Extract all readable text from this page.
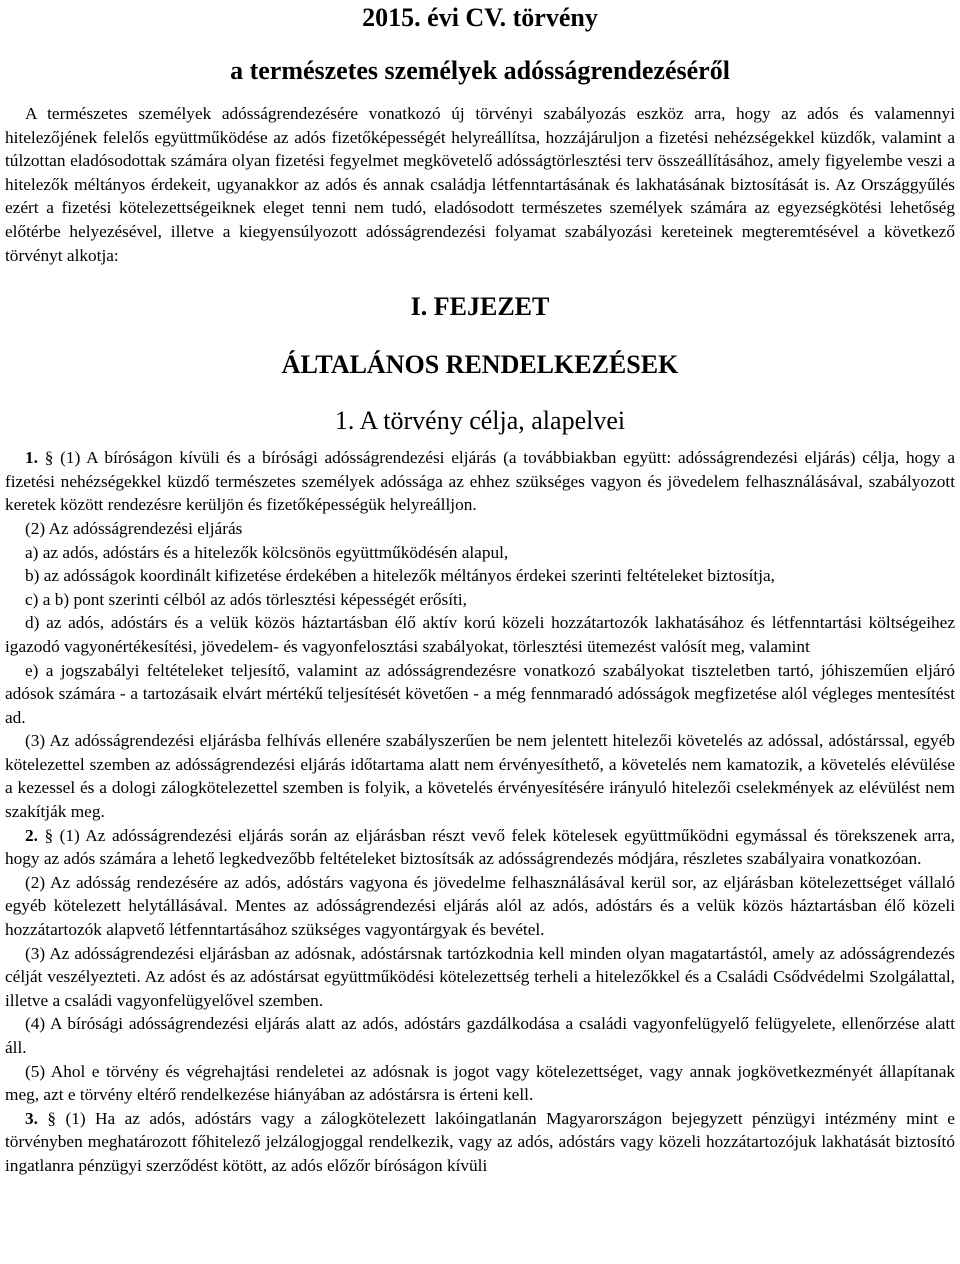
2015. évi CV. törvény
a természetes személyek adósságrendezéséről

A természetes személyek adósságrendezésére vonatkozó új törvényi szabályozás eszköz arra, hogy az adós és valamennyi hitelezőjének felelős együttműködése az adós fizetőképességét helyreállítsa, hozzájáruljon a fizetési nehézségekkel küzdők, valamint a túlzottan eladósodottak számára olyan fizetési fegyelmet megkövetelő adósságtörlesztési terv összeállításához, amely figyelembe veszi a hitelezők méltányos érdekeit, ugyanakkor az adós és annak családja létfenntartásának és lakhatásának biztosítását is. Az Országgyűlés ezért a fizetési kötelezettségeiknek eleget tenni nem tudó, eladósodott természetes személyek számára az egyezségkötési lehetőség előtérbe helyezésével, illetve a kiegyensúlyozott adósságrendezési folyamat szabályozási kereteinek megteremtésével a következő törvényt alkotja:

I. FEJEZET
ÁLTALÁNOS RENDELKEZÉSEK
1. A törvény célja, alapelvei

1. § (1) A bíróságon kívüli és a bírósági adósságrendezési eljárás (a továbbiakban együtt: adósságrendezési eljárás) célja, hogy a fizetési nehézségekkel küzdő természetes személyek adóssága az ehhez szükséges vagyon és jövedelem felhasználásával, szabályozott keretek között rendezésre kerüljön és fizetőképességük helyreálljon.

(2) Az adósságrendezési eljárás

a) az adós, adóstárs és a hitelezők kölcsönös együttműködésén alapul,

b) az adósságok koordinált kifizetése érdekében a hitelezők méltányos érdekei szerinti feltételeket biztosítja,

c) a b) pont szerinti célból az adós törlesztési képességét erősíti,

d) az adós, adóstárs és a velük közös háztartásban élő aktív korú közeli hozzátartozók lakhatásához és létfenntartási költségeihez igazodó vagyonértékesítési, jövedelem- és vagyonfelosztási szabályokat, törlesztési ütemezést valósít meg, valamint

e) a jogszabályi feltételeket teljesítő, valamint az adósságrendezésre vonatkozó szabályokat tiszteletben tartó, jóhiszeműen eljáró adósok számára - a tartozásaik elvárt mértékű teljesítését követően - a még fennmaradó adósságok megfizetése alól végleges mentesítést ad.

(3) Az adósságrendezési eljárásba felhívás ellenére szabályszerűen be nem jelentett hitelezői követelés az adóssal, adóstárssal, egyéb kötelezettel szemben az adósságrendezési eljárás időtartama alatt nem érvényesíthető, a követelés nem kamatozik, a követelés elévülése a kezessel és a dologi zálogkötelezettel szemben is folyik, a követelés érvényesítésére irányuló hitelezői cselekmények az elévülést nem szakítják meg.

2. § (1) Az adósságrendezési eljárás során az eljárásban részt vevő felek kötelesek együttműködni egymással és törekszenek arra, hogy az adós számára a lehető legkedvezőbb feltételeket biztosítsák az adósságrendezés módjára, részletes szabályaira vonatkozóan.

(2) Az adósság rendezésére az adós, adóstárs vagyona és jövedelme felhasználásával kerül sor, az eljárásban kötelezettséget vállaló egyéb kötelezett helytállásával. Mentes az adósságrendezési eljárás alól az adós, adóstárs és a velük közös háztartásban élő közeli hozzátartozók alapvető létfenntartásához szükséges vagyontárgyak és bevétel.

(3) Az adósságrendezési eljárásban az adósnak, adóstársnak tartózkodnia kell minden olyan magatartástól, amely az adósságrendezés célját veszélyezteti. Az adóst és az adóstársat együttműködési kötelezettség terheli a hitelezőkkel és a Családi Csődvédelmi Szolgálattal, illetve a családi vagyonfelügyelővel szemben.

(4) A bírósági adósságrendezési eljárás alatt az adós, adóstárs gazdálkodása a családi vagyonfelügyelő felügyelete, ellenőrzése alatt áll.

(5) Ahol e törvény és végrehajtási rendeletei az adósnak is jogot vagy kötelezettséget, vagy annak jogkövetkezményét állapítanak meg, azt e törvény eltérő rendelkezése hiányában az adóstársra is érteni kell.

3. § (1) Ha az adós, adóstárs vagy a zálogkötelezett lakóingatlanán Magyarországon bejegyzett pénzügyi intézmény mint e törvényben meghatározott főhitelező jelzálogjoggal rendelkezik, vagy az adós, adóstárs vagy közeli hozzátartozójuk lakhatását biztosító ingatlanra pénzügyi szerződést kötött, az adós előzőr bíróságon kívüli
